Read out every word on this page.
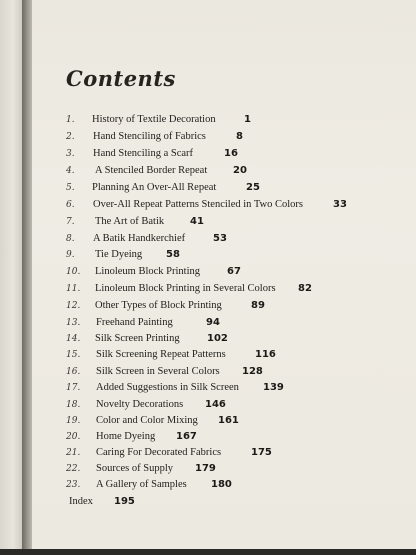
Contents
1.	History of Textile Decoration	1
2.	Hand Stenciling of Fabrics	8
3.	Hand Stenciling a Scarf	16
4.	A Stenciled Border Repeat	20
5.	Planning An Over-All Repeat	25
6.	Over-All Repeat Patterns Stenciled in Two Colors	33
7.	The Art of Batik	41
8.	A Batik Handkerchief	53
9.	Tie Dyeing 58
10.	Linoleum Block Printing	67
11.	Linoleum Block Printing in Several Colors 82
12.	Other Types of Block Printing	89
13.	Freehand Painting	94
14.	Silk Screen Printing	102
15.	Silk Screening Repeat Patterns	116
16.	Silk Screen in Several Colors 128
17.	Added Suggestions in Silk Screen 139
18.	Novelty Decorations 146
19.	Color and Color Mixing 161
20.	Home Dyeing 167
21.	Caring For Decorated Fabrics	175
22.	Sources of Supply 179
23.	A Gallery of Samples 180
Index 195
